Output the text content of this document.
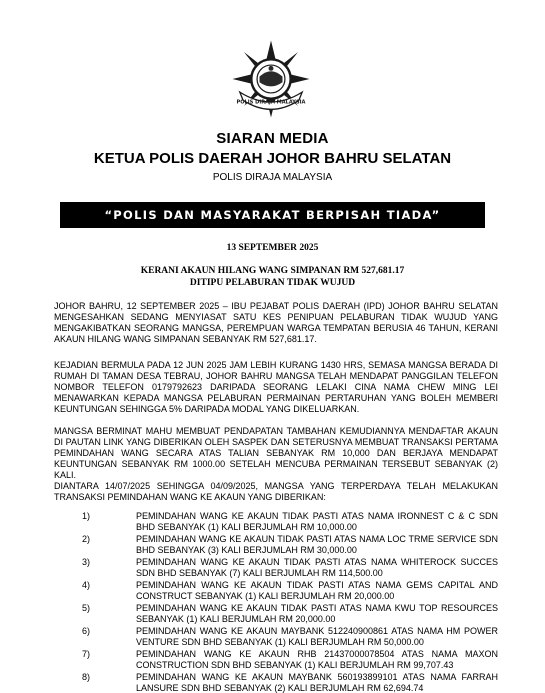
POLIS DIRAJA MALAYSIA
SIARAN MEDIA
KETUA POLIS DAERAH JOHOR BAHRU SELATAN
POLIS DIRAJA MALAYSIA
“POLIS DAN MASYARAKAT BERPISAH TIADA”
13 SEPTEMBER 2025
KERANI AKAUN HILANG WANG SIMPANAN RM 527,681.17
DITIPU PELABURAN TIDAK WUJUD

JOHOR BAHRU, 12 SEPTEMBER 2025 – IBU PEJABAT POLIS DAERAH (IPD) JOHOR BAHRU SELATAN MENGESAHKAN SEDANG MENYIASAT SATU KES PENIPUAN PELABURAN TIDAK WUJUD YANG MENGAKIBATKAN SEORANG MANGSA, PEREMPUAN WARGA TEMPATAN BERUSIA 46 TAHUN, KERANI AKAUN HILANG WANG SIMPANAN SEBANYAK RM 527,681.17.

KEJADIAN BERMULA PADA 12 JUN 2025 JAM LEBIH KURANG 1430 HRS, SEMASA MANGSA BERADA DI RUMAH DI TAMAN DESA TEBRAU, JOHOR BAHRU MANGSA TELAH MENDAPAT PANGGILAN TELEFON NOMBOR TELEFON 0179792623 DARIPADA SEORANG LELAKI CINA NAMA CHEW MING LEI MENAWARKAN KEPADA MANGSA PELABURAN PERMAINAN PERTARUHAN YANG BOLEH MEMBERI KEUNTUNGAN SEHINGGA 5% DARIPADA MODAL YANG DIKELUARKAN.

MANGSA BERMINAT MAHU MEMBUAT PENDAPATAN TAMBAHAN KEMUDIANNYA MENDAFTAR AKAUN DI PAUTAN LINK YANG DIBERIKAN OLEH SASPEK DAN SETERUSNYA MEMBUAT TRANSAKSI PERTAMA PEMINDAHAN WANG SECARA ATAS TALIAN SEBANYAK RM 10,000 DAN BERJAYA MENDAPAT KEUNTUNGAN SEBANYAK RM 1000.00 SETELAH MENCUBA PERMAINAN TERSEBUT SEBANYAK (2) KALI.

DIANTARA 14/07/2025 SEHINGGA 04/09/2025, MANGSA YANG TERPERDAYA TELAH MELAKUKAN TRANSAKSI PEMINDAHAN WANG KE AKAUN YANG DIBERIKAN:

1)	PEMINDAHAN WANG KE AKAUN TIDAK PASTI ATAS NAMA IRONNEST C & C SDN BHD SEBANYAK (1) KALI BERJUMLAH RM 10,000.00
2)	PEMINDAHAN WANG KE AKAUN TIDAK PASTI ATAS NAMA LOC TRME SERVICE SDN BHD SEBANYAK (3) KALI BERJUMLAH RM 30,000.00
3)	PEMINDAHAN WANG KE AKAUN TIDAK PASTI ATAS NAMA WHITEROCK SUCCES SDN BHD SEBANYAK (7) KALI BERJUMLAH RM 114,500.00
4)	PEMINDAHAN WANG KE AKAUN TIDAK PASTI ATAS NAMA GEMS CAPITAL AND CONSTRUCT SEBANYAK (1) KALI BERJUMLAH RM 20,000.00
5)	PEMINDAHAN WANG KE AKAUN TIDAK PASTI ATAS NAMA KWU TOP RESOURCES SEBANYAK (1) KALI BERJUMLAH RM 20,000.00
6)	PEMINDAHAN WANG KE AKAUN MAYBANK 512240900861 ATAS NAMA HM POWER VENTURE SDN BHD SEBANYAK (1) KALI BERJUMLAH RM 50,000.00
7)	PEMINDAHAN WANG KE AKAUN RHB 21437000078504 ATAS NAMA MAXON CONSTRUCTION SDN BHD SEBANYAK (1) KALI BERJUMLAH RM 99,707.43
8)	PEMINDAHAN WANG KE AKAUN MAYBANK 560193899101 ATAS NAMA FARRAH LANSURE SDN BHD SEBANYAK (2) KALI BERJUMLAH RM 62,694.74
